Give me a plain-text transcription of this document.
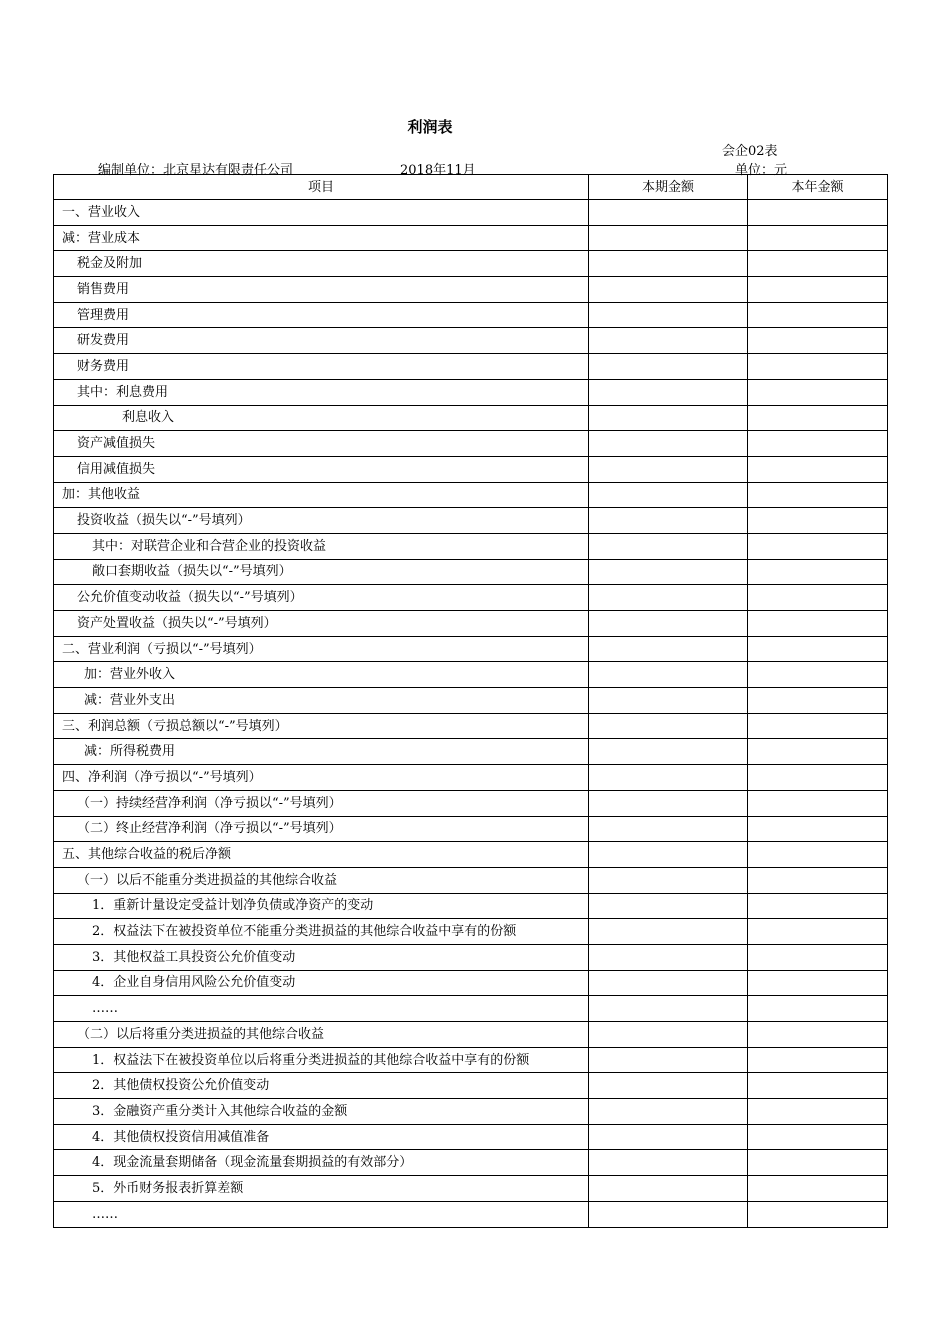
利润表
会企02表
编制单位：北京星达有限责任公司	2018年11月	单位：元
项目	本期金额	本年金额
一、营业收入		
减：营业成本		
税金及附加		
销售费用		
管理费用		
研发费用		
财务费用		
其中：利息费用		
利息收入		
资产减值损失		
信用减值损失		
加：其他收益		
投资收益（损失以“-”号填列）		
其中：对联营企业和合营企业的投资收益		
敞口套期收益（损失以“-”号填列）		
公允价值变动收益（损失以“-”号填列）		
资产处置收益（损失以“-”号填列）		
二、营业利润（亏损以“-”号填列）		
加：营业外收入		
减：营业外支出		
三、利润总额（亏损总额以“-”号填列）		
减：所得税费用		
四、净利润（净亏损以“-”号填列）		
（一）持续经营净利润（净亏损以“-”号填列）		
（二）终止经营净利润（净亏损以“-”号填列）		
五、其他综合收益的税后净额		
（一）以后不能重分类进损益的其他综合收益		
1．重新计量设定受益计划净负债或净资产的变动		
2．权益法下在被投资单位不能重分类进损益的其他综合收益中享有的份额		
3．其他权益工具投资公允价值变动		
4．企业自身信用风险公允价值变动		
……		
（二）以后将重分类进损益的其他综合收益		
1．权益法下在被投资单位以后将重分类进损益的其他综合收益中享有的份额		
2．其他债权投资公允价值变动		
3．金融资产重分类计入其他综合收益的金额		
4．其他债权投资信用减值准备		
4．现金流量套期储备（现金流量套期损益的有效部分）		
5．外币财务报表折算差额		
……		
